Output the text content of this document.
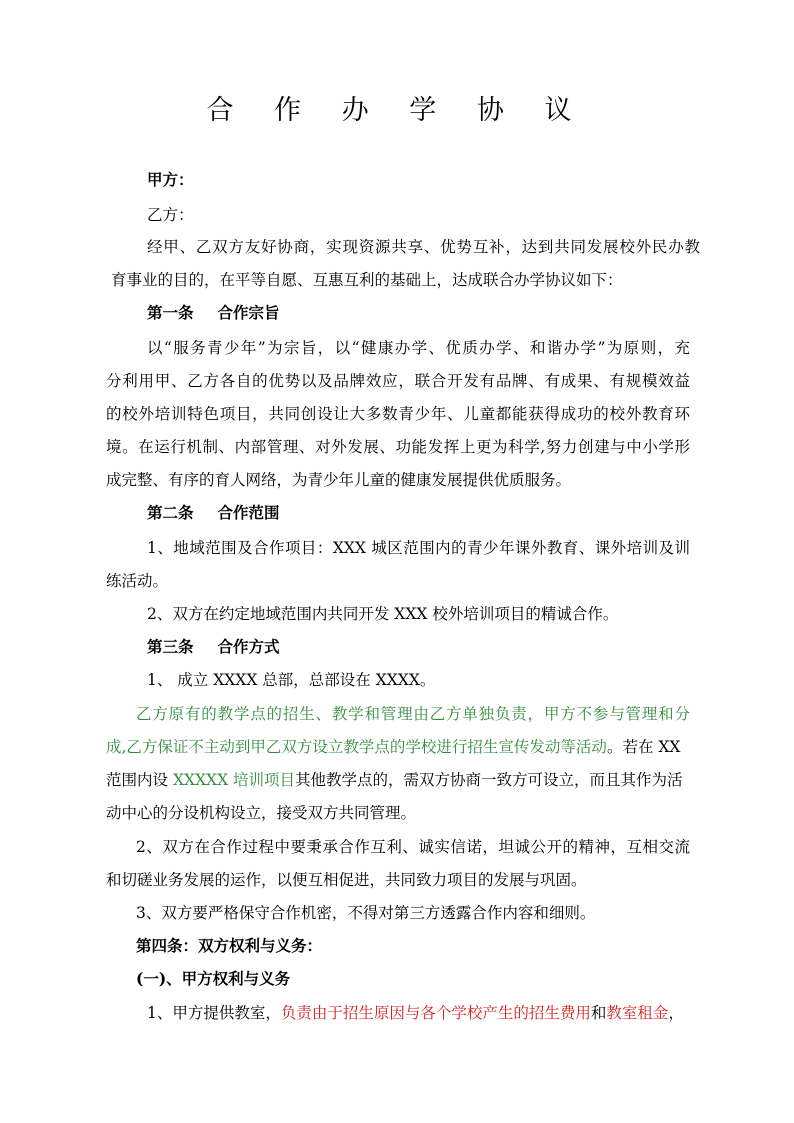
合 作 办 学 协 议
甲方：
乙方：
经甲、乙双方友好协商，实现资源共享、优势互补，达到共同发展校外民办教
育事业的目的，在平等自愿、互惠互利的基础上，达成联合办学协议如下：
第一条 合作宗旨
以“服务青少年”为宗旨，以“健康办学、优质办学、和谐办学”为原则，充
分利用甲、乙方各自的优势以及品牌效应，联合开发有品牌、有成果、有规模效益
的校外培训特色项目，共同创设让大多数青少年、儿童都能获得成功的校外教育环
境。在运行机制、内部管理、对外发展、功能发挥上更为科学,努力创建与中小学形
成完整、有序的育人网络，为青少年儿童的健康发展提供优质服务。
第二条 合作范围
1、地域范围及合作项目：XXX 城区范围内的青少年课外教育、课外培训及训
练活动。
2、双方在约定地域范围内共同开发 XXX 校外培训项目的精诚合作。
第三条 合作方式
1、 成立 XXXX 总部，总部设在 XXXX。
乙方原有的教学点的招生、教学和管理由乙方单独负责，甲方不参与管理和分
成,乙方保证不主动到甲乙双方设立教学点的学校进行招生宣传发动等活动。若在 XX
范围内设 XXXXX 培训项目其他教学点的，需双方协商一致方可设立，而且其作为活
动中心的分设机构设立，接受双方共同管理。
2、双方在合作过程中要秉承合作互利、诚实信诺，坦诚公开的精神，互相交流
和切磋业务发展的运作，以便互相促进，共同致力项目的发展与巩固。
3、双方要严格保守合作机密，不得对第三方透露合作内容和细则。
第四条：双方权利与义务：
(一)、甲方权利与义务
1、甲方提供教室，负责由于招生原因与各个学校产生的招生费用和教室租金，
